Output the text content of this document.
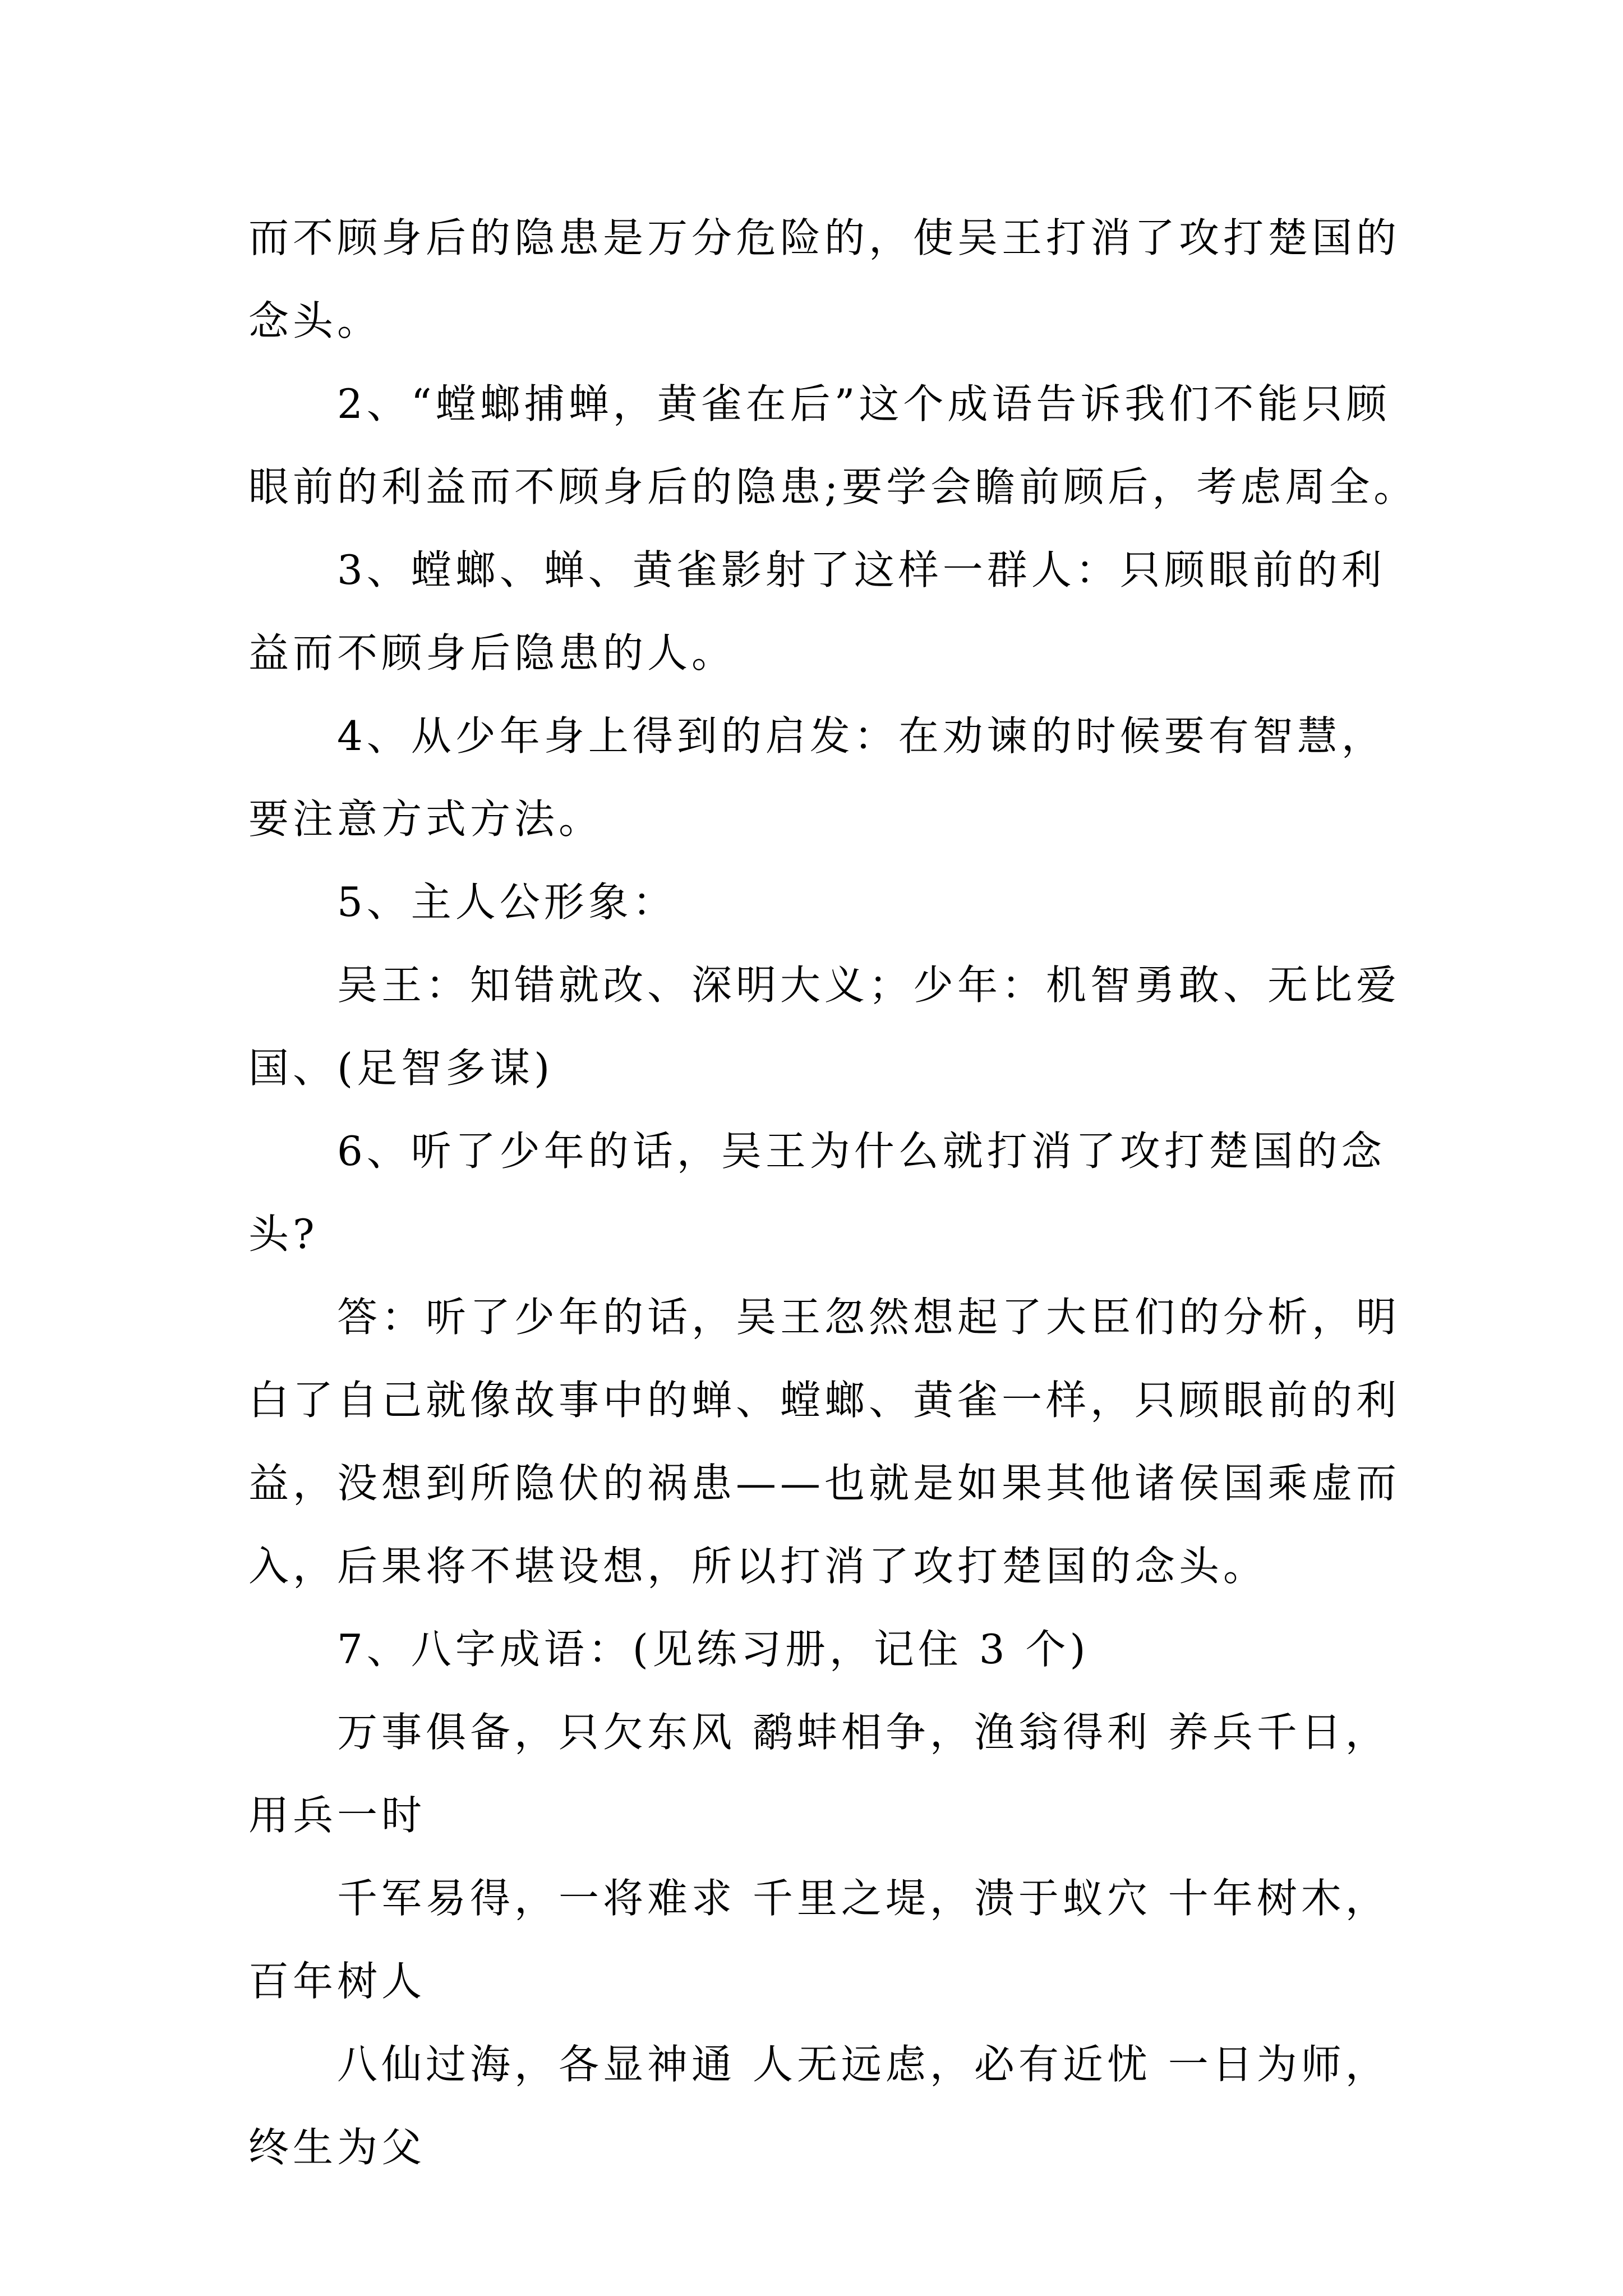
而不顾身后的隐患是万分危险的，使吴王打消了攻打楚国的
念头。
2、“螳螂捕蝉，黄雀在后”这个成语告诉我们不能只顾
眼前的利益而不顾身后的隐患;要学会瞻前顾后，考虑周全。
3、螳螂、蝉、黄雀影射了这样一群人：只顾眼前的利
益而不顾身后隐患的人。
4、从少年身上得到的启发：在劝谏的时候要有智慧，
要注意方式方法。
5、主人公形象：
吴王：知错就改、深明大义；少年：机智勇敢、无比爱
国、(足智多谋)
6、听了少年的话，吴王为什么就打消了攻打楚国的念
头?
答：听了少年的话，吴王忽然想起了大臣们的分析，明
白了自己就像故事中的蝉、螳螂、黄雀一样，只顾眼前的利
益，没想到所隐伏的祸患——也就是如果其他诸侯国乘虚而
入，后果将不堪设想，所以打消了攻打楚国的念头。
7、八字成语：(见练习册，记住 3 个)
万事俱备，只欠东风 鹬蚌相争，渔翁得利 养兵千日，
用兵一时
千军易得，一将难求 千里之堤，溃于蚁穴 十年树木，
百年树人
八仙过海，各显神通 人无远虑，必有近忧 一日为师，
终生为父
